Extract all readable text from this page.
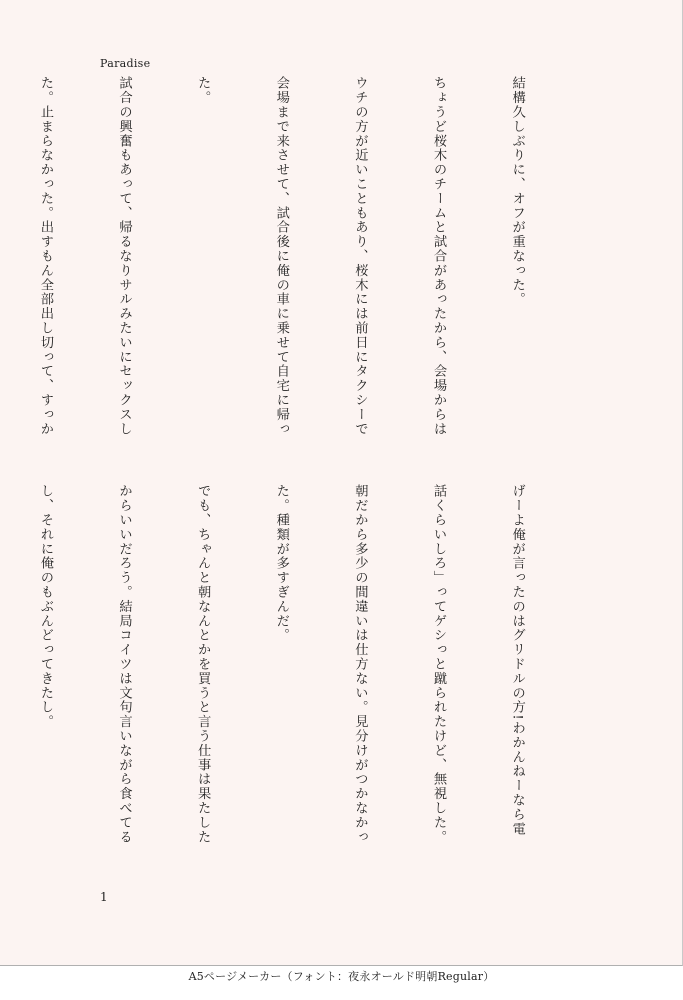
Paradise

結構久しぶりに、オフが重なった。

ちょうど桜木のチームと試合があったから、会場からは

ウチの方が近いこともあり、桜木には前日にタクシーで

会場まで来させて、試合後に俺の車に乗せて自宅に帰っ

た。

試合の興奮もあって、帰るなりサルみたいにセックスし

た。止まらなかった。出すもん全部出し切って、すっか

げーよ俺が言ったのはグリドルの方!わかんねーなら電

話くらいしろ」ってゲシっと蹴られたけど、無視した。

朝だから多少の間違いは仕方ない。見分けがつかなかっ

た。種類が多すぎんだ。

でも、ちゃんと朝なんとかを買うと言う仕事は果たした

からいいだろう。結局コイツは文句言いながら食べてる

し、それに俺のもぶんどってきたし。

1
A5ページメーカー（フォント：夜永オールド明朝Regular）
